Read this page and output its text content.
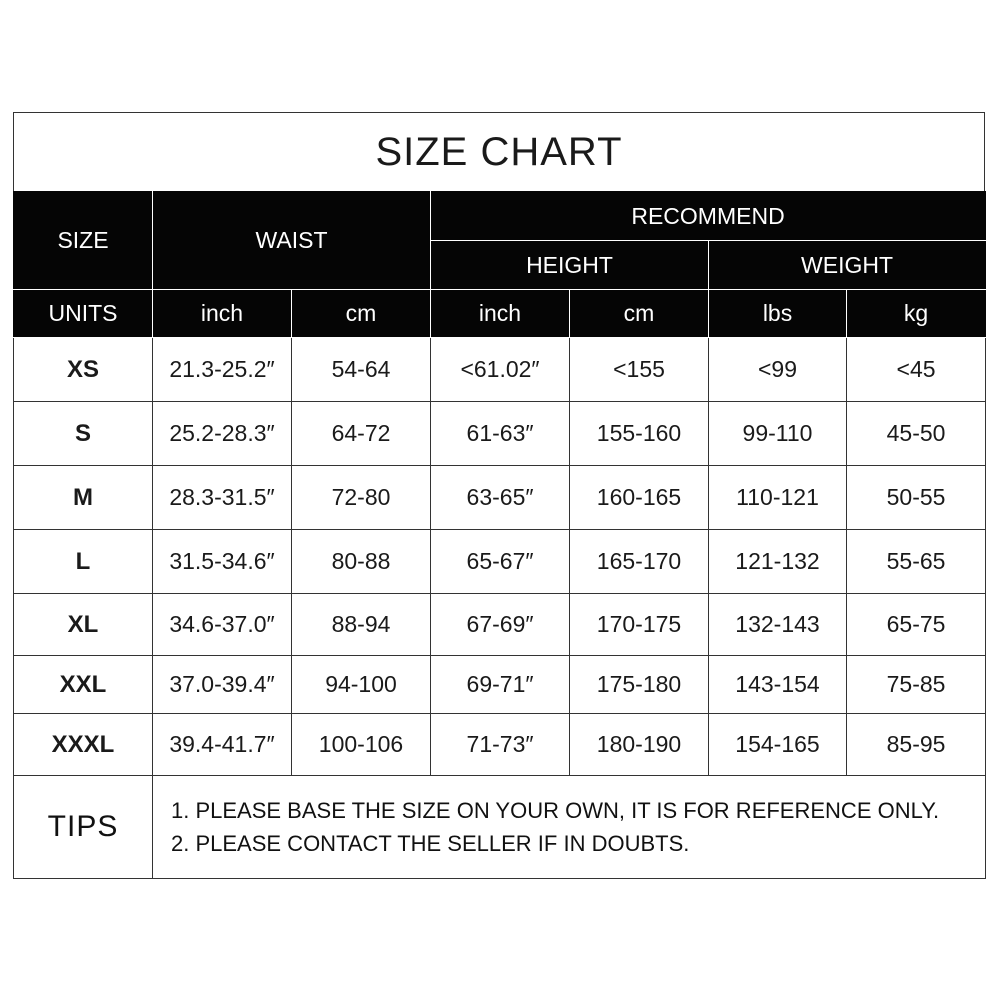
SIZE CHART
SIZE	WAIST		RECOMMEND			
			HEIGHT		WEIGHT	
UNITS	inch	cm	inch	cm	lbs	kg
XS	21.3-25.2″	54-64	<61.02″	<155	<99	<45
S	25.2-28.3″	64-72	61-63″	155-160	99-110	45-50
M	28.3-31.5″	72-80	63-65″	160-165	110-121	50-55
L	31.5-34.6″	80-88	65-67″	165-170	121-132	55-65
XL	34.6-37.0″	88-94	67-69″	170-175	132-143	65-75
XXL	37.0-39.4″	94-100	69-71″	175-180	143-154	75-85
XXXL	39.4-41.7″	100-106	71-73″	180-190	154-165	85-95
TIPS	1. PLEASE BASE THE SIZE ON YOUR OWN, IT IS FOR REFERENCE ONLY.
2. PLEASE CONTACT THE SELLER IF IN DOUBTS.					
